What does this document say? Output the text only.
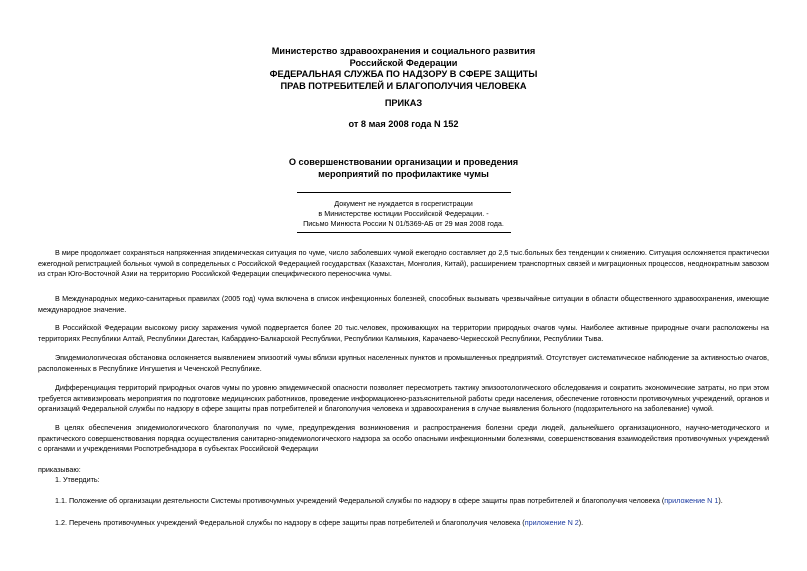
Министерство здравоохранения и социального развития
Российской Федерации
ФЕДЕРАЛЬНАЯ СЛУЖБА ПО НАДЗОРУ В СФЕРЕ ЗАЩИТЫ
ПРАВ ПОТРЕБИТЕЛЕЙ И БЛАГОПОЛУЧИЯ ЧЕЛОВЕКА
ПРИКАЗ
от 8 мая 2008 года N 152
О совершенствовании организации и проведения
мероприятий по профилактике чумы
Документ не нуждается в госрегистрации
в Министерстве юстиции Российской Федерации. -
Письмо Минюста России N 01/5369-АБ от 29 мая 2008 года.
В мире продолжает сохраняться напряженная эпидемическая ситуация по чуме, число заболевших чумой ежегодно составляет до 2,5 тыс.больных без тенденции к снижению. Ситуация осложняется практически ежегодной регистрацией больных чумой в сопредельных с Российской Федерацией государствах (Казахстан, Монголия, Китай), расширением транспортных связей и миграционных процессов, неоднократным завозом из стран Юго-Восточной Азии на территорию Российской Федерации специфического переносчика чумы.
В Международных медико-санитарных правилах (2005 год) чума включена в список инфекционных болезней, способных вызывать чрезвычайные ситуации в области общественного здравоохранения, имеющие международное значение.
В Российской Федерации высокому риску заражения чумой подвергается более 20 тыс.человек, проживающих на территории природных очагов чумы. Наиболее активные природные очаги расположены на территориях Республики Алтай, Республики Дагестан, Кабардино-Балкарской Республики, Республики Калмыкия, Карачаево-Черкесской Республики, Республики Тыва.
Эпидемиологическая обстановка осложняется выявлением эпизоотий чумы вблизи крупных населенных пунктов и промышленных предприятий. Отсутствует систематическое наблюдение за активностью очагов, расположенных в Республике Ингушетия и Чеченской Республике.
Дифференциация территорий природных очагов чумы по уровню эпидемической опасности позволяет пересмотреть тактику эпизоотологического обследования и сократить экономические затраты, но при этом требуется активизировать мероприятия по подготовке медицинских работников, проведение информационно-разъяснительной работы среди населения, обеспечение готовности противочумных учреждений, органов и организаций Федеральной службы по надзору в сфере защиты прав потребителей и благополучия человека и здравоохранения в случае выявления больного (подозрительного на заболевание) чумой.
В целях обеспечения эпидемиологического благополучия по чуме, предупреждения возникновения и распространения болезни среди людей, дальнейшего организационного, научно-методического и практического совершенствования порядка осуществления санитарно-эпидемиологического надзора за особо опасными инфекционными болезнями, совершенствования взаимодействия противочумных учреждений с органами и учреждениями Роспотребнадзора в субъектах Российской Федерации
приказываю:
1. Утвердить:
1.1. Положение об организации деятельности Системы противочумных учреждений Федеральной службы по надзору в сфере защиты прав потребителей и благополучия человека (приложение N 1).
1.2. Перечень противочумных учреждений Федеральной службы по надзору в сфере защиты прав потребителей и благополучия человека (приложение N 2).
